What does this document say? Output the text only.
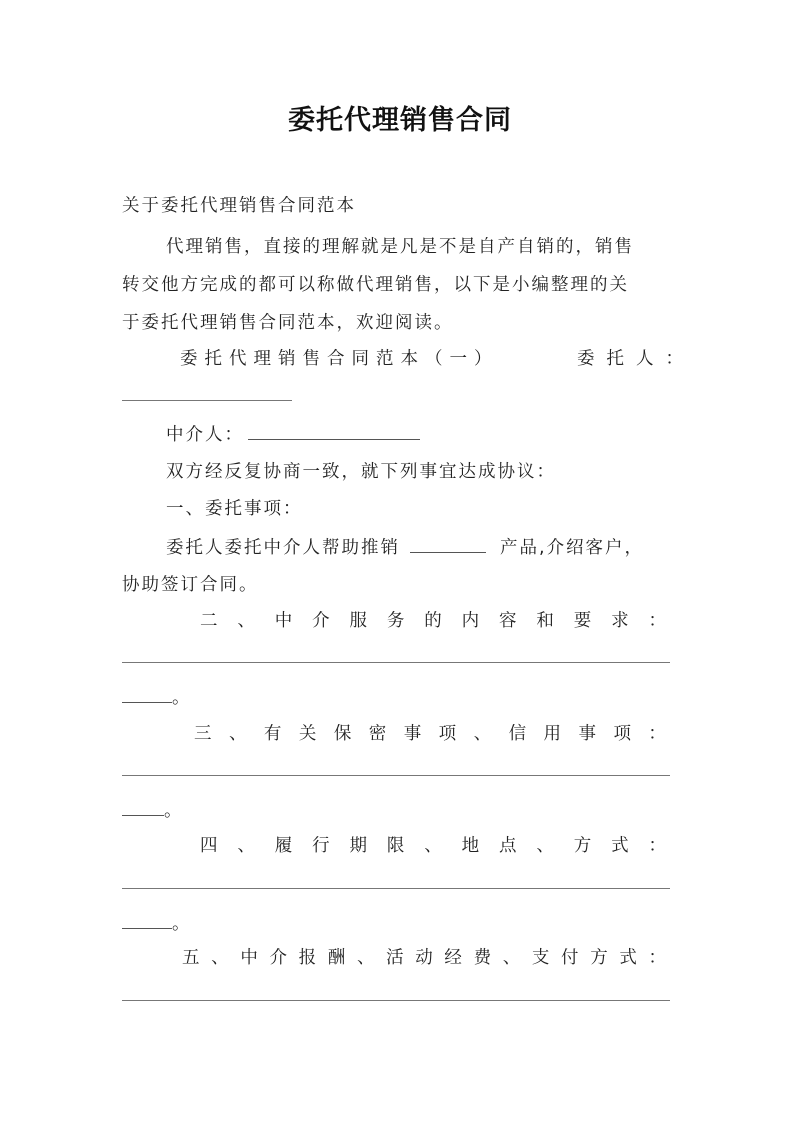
委托代理销售合同
关于委托代理销售合同范本
代理销售，直接的理解就是凡是不是自产自销的，销售
转交他方完成的都可以称做代理销售，以下是小编整理的关
于委托代理销售合同范本，欢迎阅读。
委托代理销售合同范本（一）	委托人：
中介人：
双方经反复协商一致，就下列事宜达成协议：
一、委托事项：
委托人委托中介人帮助推销	产品,介绍客户，
协助签订合同。
二 、 中 介 服 务 的 内 容 和 要 求 ：
。
三 、 有 关 保 密 事 项 、 信 用 事 项 ：
。
四 、 履 行 期 限 、 地 点 、 方 式 ：
。
五 、 中 介 报 酬 、 活 动 经 费 、 支 付 方 式 ：
